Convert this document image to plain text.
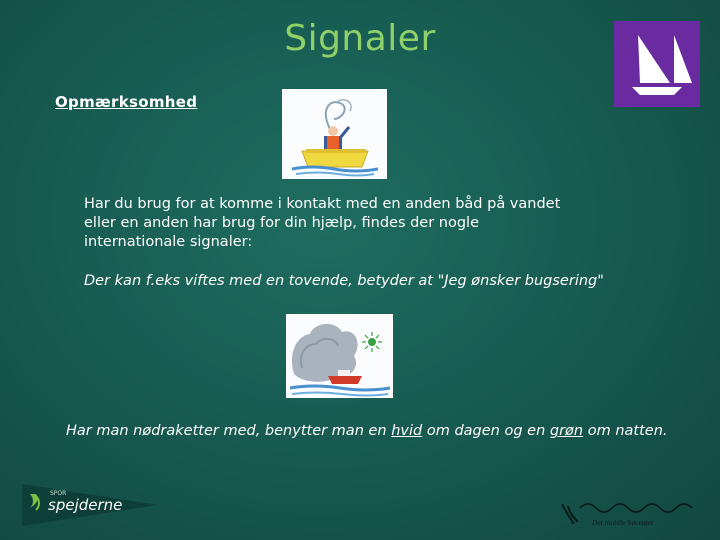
Signaler
Opmærksomhed
Har du brug for at komme i kontakt med en anden båd på vandet eller en anden har brug for din hjælp, findes der nogle internationale signaler:
Der kan f.eks viftes med en tovende, betyder at "Jeg ønsker bugsering"
Har man nødraketter med, benytter man en hvid om dagen og en grøn om natten.
SPOR
spejderne
Det mobile Søcenter
